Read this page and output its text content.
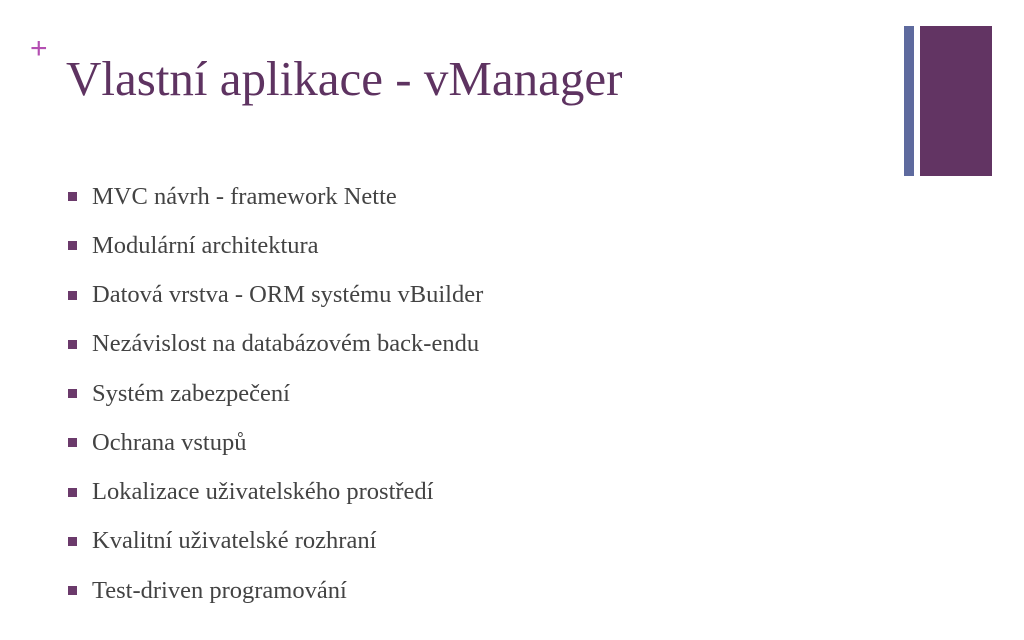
+
Vlastní aplikace - vManager
MVC návrh - framework Nette
Modulární architektura
Datová vrstva - ORM systému vBuilder
Nezávislost na databázovém back-endu
Systém zabezpečení
Ochrana vstupů
Lokalizace uživatelského prostředí
Kvalitní uživatelské rozhraní
Test-driven programování
